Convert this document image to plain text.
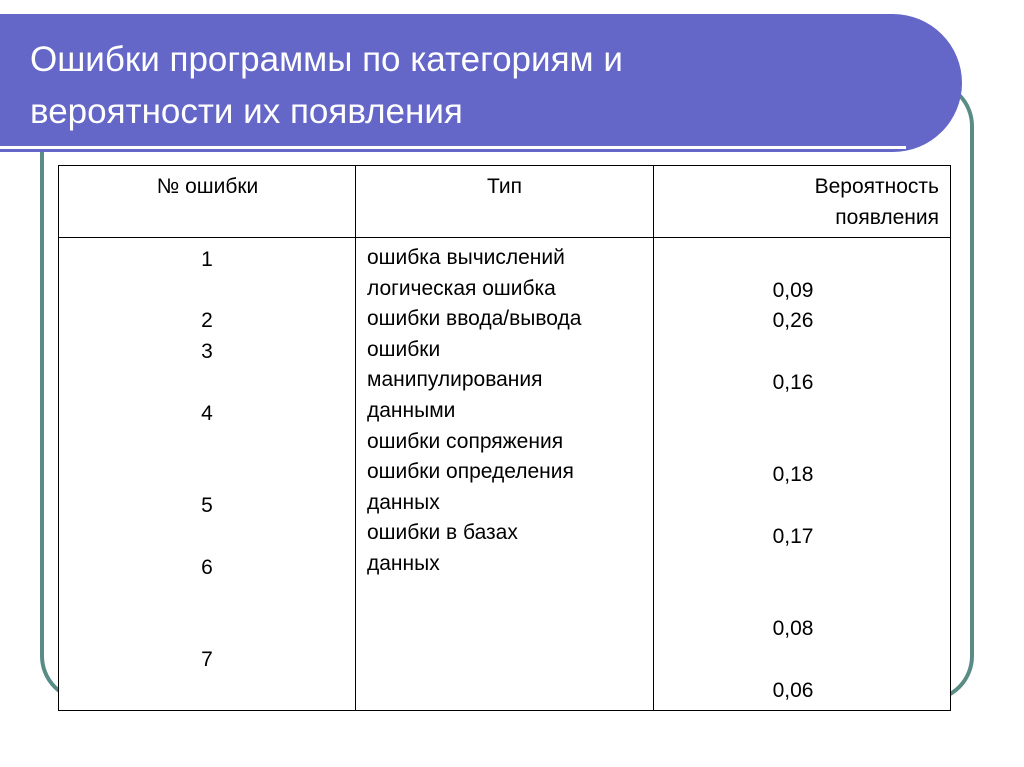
Ошибки программы по категориям и
вероятности их появления
№ ошибки	Тип	Вероятность
появления
ошибка вычислений
логическая ошибка
ошибки ввода/вывода
ошибки
манипулирования
данными
ошибки сопряжения
ошибки определения
данных
ошибки в базах
данных
1
2
3
4
5
6
7
0,09
0,26
0,16
0,18
0,17
0,08
0,06
